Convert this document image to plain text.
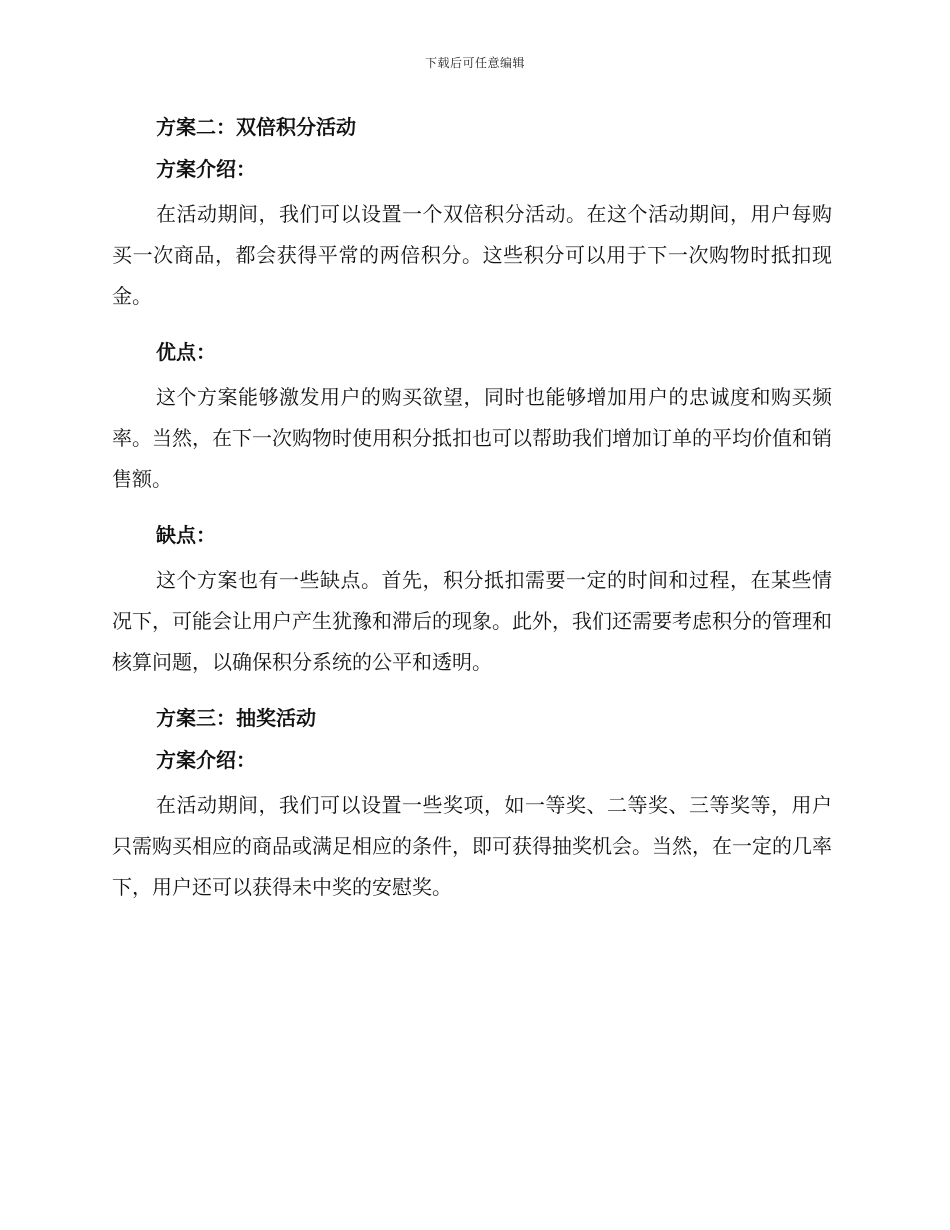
下载后可任意编辑
方案二：双倍积分活动
方案介绍：

在活动期间，我们可以设置一个双倍积分活动。在这个活动期间，用户每购买一次商品，都会获得平常的两倍积分。这些积分可以用于下一次购物时抵扣现金。

优点：

这个方案能够激发用户的购买欲望，同时也能够增加用户的忠诚度和购买频率。当然，在下一次购物时使用积分抵扣也可以帮助我们增加订单的平均价值和销售额。

缺点：

这个方案也有一些缺点。首先，积分抵扣需要一定的时间和过程，在某些情况下，可能会让用户产生犹豫和滞后的现象。此外，我们还需要考虑积分的管理和核算问题，以确保积分系统的公平和透明。

方案三：抽奖活动
方案介绍：

在活动期间，我们可以设置一些奖项，如一等奖、二等奖、三等奖等，用户只需购买相应的商品或满足相应的条件，即可获得抽奖机会。当然，在一定的几率下，用户还可以获得未中奖的安慰奖。
